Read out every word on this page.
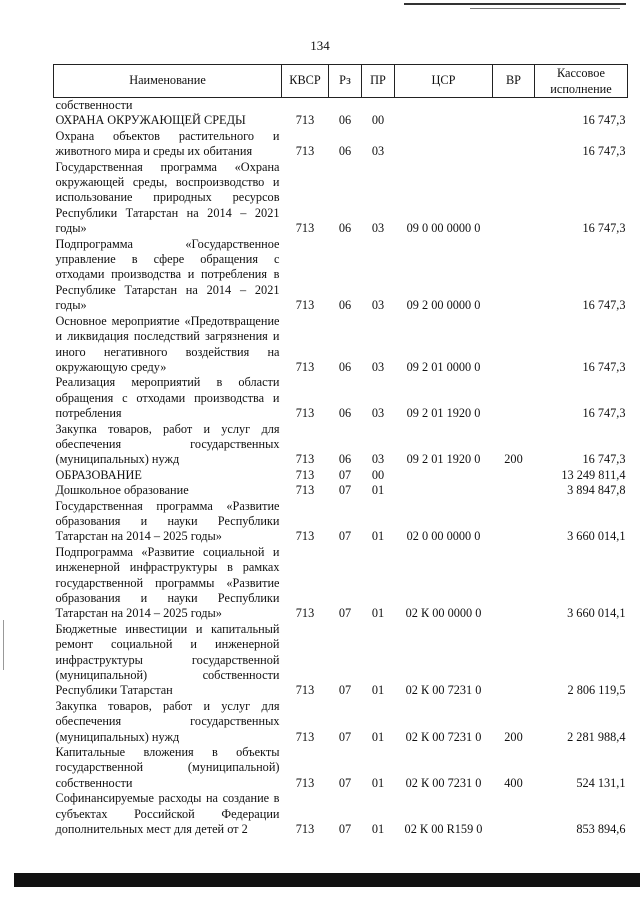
134
Наименование	КВСР	Рз	ПР	ЦСР	ВР	Кассовое исполнение
собственности						
ОХРАНА ОКРУЖАЮЩЕЙ СРЕДЫ	713	06	00			16 747,3
Охрана объектов растительного и животного мира и среды их обитания	713	06	03			16 747,3
Государственная программа «Охрана окружающей среды, воспроизводство и использование природных ресурсов Республики Татарстан на 2014 – 2021 годы»	713	06	03	09 0 00 0000 0		16 747,3
Подпрограмма «Государственное управление в сфере обращения с отходами производства и потребления в Республике Татарстан на 2014 – 2021 годы»	713	06	03	09 2 00 0000 0		16 747,3
Основное мероприятие «Предотвращение и ликвидация последствий загрязнения и иного негативного воздействия на окружающую среду»	713	06	03	09 2 01 0000 0		16 747,3
Реализация мероприятий в области обращения с отходами производства и потребления	713	06	03	09 2 01 1920 0		16 747,3
Закупка товаров, работ и услуг для обеспечения государственных (муниципальных) нужд	713	06	03	09 2 01 1920 0	200	16 747,3
ОБРАЗОВАНИЕ	713	07	00			13 249 811,4
Дошкольное образование	713	07	01			3 894 847,8
Государственная программа «Развитие образования и науки Республики Татарстан на 2014 – 2025 годы»	713	07	01	02 0 00 0000 0		3 660 014,1
Подпрограмма «Развитие социальной и инженерной инфраструктуры в рамках государственной программы «Развитие образования и науки Республики Татарстан на 2014 – 2025 годы»	713	07	01	02 К 00 0000 0		3 660 014,1
Бюджетные инвестиции и капитальный ремонт социальной и инженерной инфраструктуры государственной (муниципальной) собственности Республики Татарстан	713	07	01	02 К 00 7231 0		2 806 119,5
Закупка товаров, работ и услуг для обеспечения государственных (муниципальных) нужд	713	07	01	02 К 00 7231 0	200	2 281 988,4
Капитальные вложения в объекты государственной (муниципальной) собственности	713	07	01	02 К 00 7231 0	400	524 131,1
Софинансируемые расходы на создание в субъектах Российской Федерации дополнительных мест для детей от 2	713	07	01	02 К 00 R159 0		853 894,6
